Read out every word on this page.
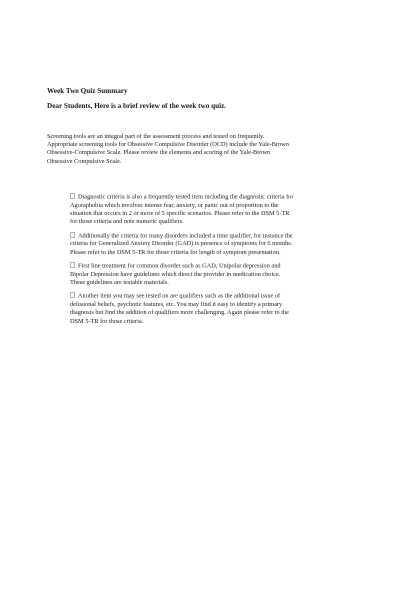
Week Two Quiz Summary
Dear Students, Here is a brief review of the week two quiz.

Screening tools are an integral part of the assessment process and tested on frequently.
Appropriate screening tools for Obsessive Compulsive Disorder (OCD) include the Yale-Brown
Obsessive-Compulsive Scale. Please review the elements and scoring of the Yale-Brown
Obsessive Compulsive Scale.

Diagnostic criteria is also a frequently tested item including the diagnostic criteria for
Agoraphobia which involves intense fear, anxiety, or panic out of proportion to the
situation that occurs in 2 or more of 5 specific scenarios. Please refer to the DSM 5-TR
for those criteria and note numeric qualifiers.
Additionally the criteria for many disorders included a time qualifier, for instance the
criteria for Generalized Anxiety Disorder (GAD) is presence of symptoms for 6 months.
Please refer to the DSM 5-TR for those criteria for length of symptom presentation.
First line treatment for common disorder such as GAD, Unipolar depression and
Bipolar Depression have guidelines which direct the provider in medication choice.
These guidelines are testable materials.
Another item you may see tested on are qualifiers such as the additional issue of
delusional beliefs, psychotic features, etc. You may find it easy to identify a primary
diagnosis but find the addition of qualifiers more challenging. Again please refer to the
DSM 5-TR for those criteria.
